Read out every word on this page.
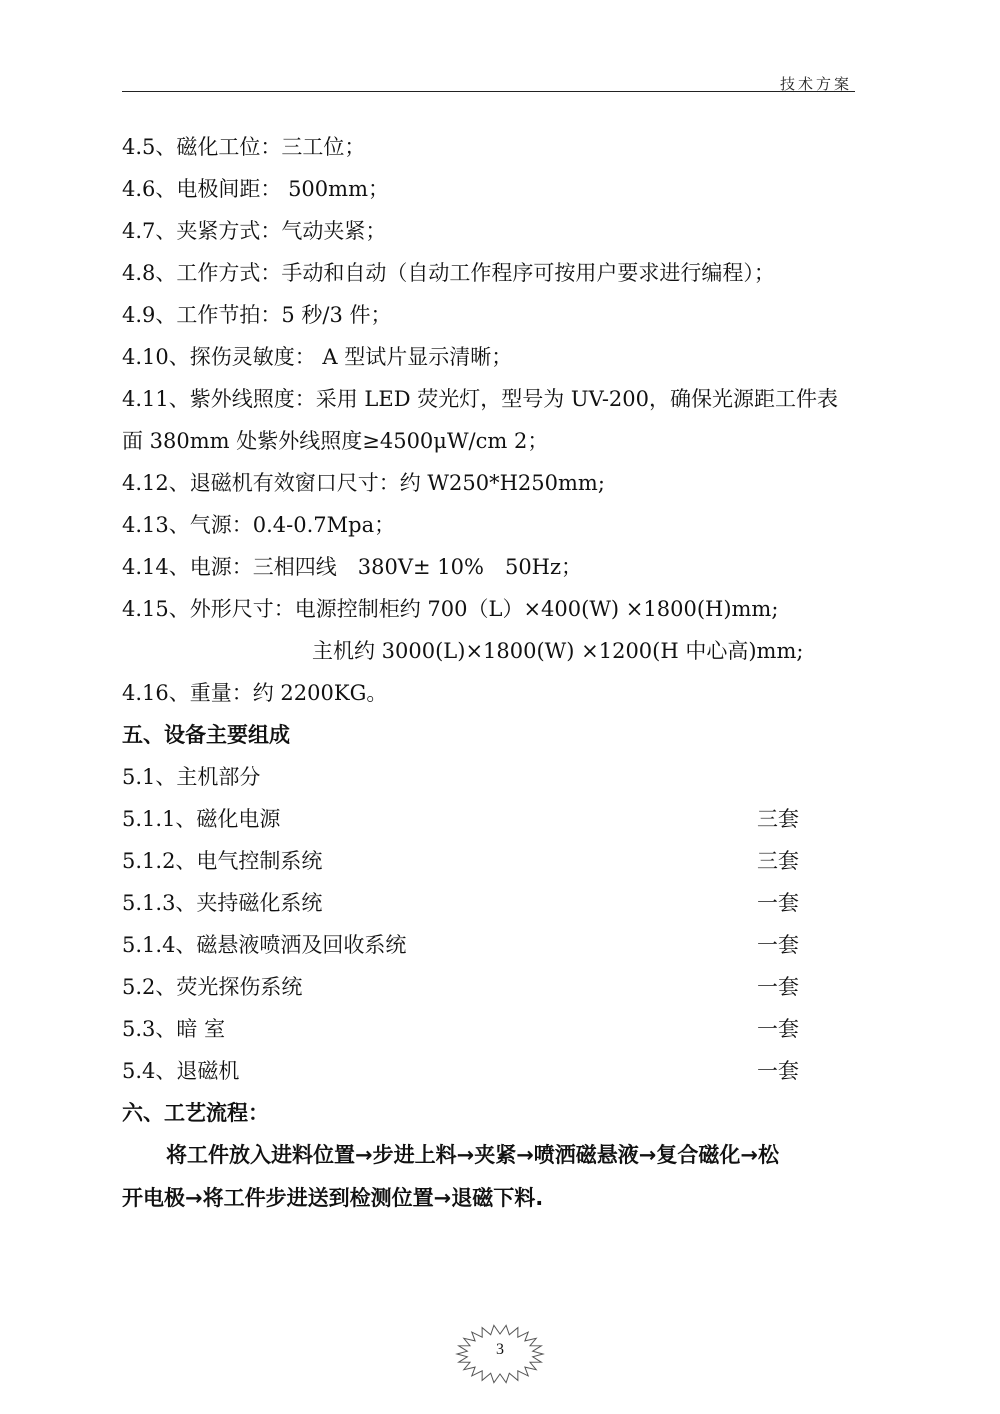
技术方案
4.5、磁化工位：三工位；
4.6、电极间距： 500mm；
4.7、夹紧方式：气动夹紧；
4.8、工作方式：手动和自动（自动工作程序可按用户要求进行编程）；
4.9、工作节拍：5 秒/3 件；
4.10、探伤灵敏度： A 型试片显示清晰；
4.11、紫外线照度：采用 LED 荧光灯，型号为 UV-200，确保光源距工件表
面 380mm 处紫外线照度≥4500μW/cm 2；
4.12、退磁机有效窗口尺寸：约 W250*H250mm;
4.13、气源：0.4-0.7Mpa；
4.14、电源：三相四线　380V± 10%　50Hz；
4.15、外形尺寸：电源控制柜约 700（L）×400(W) ×1800(H)mm;
主机约 3000(L)×1800(W) ×1200(H 中心高)mm;
4.16、重量：约 2200KG。
五、设备主要组成
5.1、主机部分
5.1.1、磁化电源	三套
5.1.2、电气控制系统	三套
5.1.3、夹持磁化系统	一套
5.1.4、磁悬液喷洒及回收系统	一套
5.2、荧光探伤系统	一套
5.3、暗 室	一套
5.4、退磁机	一套
六、工艺流程：
将工件放入进料位置→步进上料→夹紧→喷洒磁悬液→复合磁化→松
开电极→将工件步进送到检测位置→退磁下料.
3
